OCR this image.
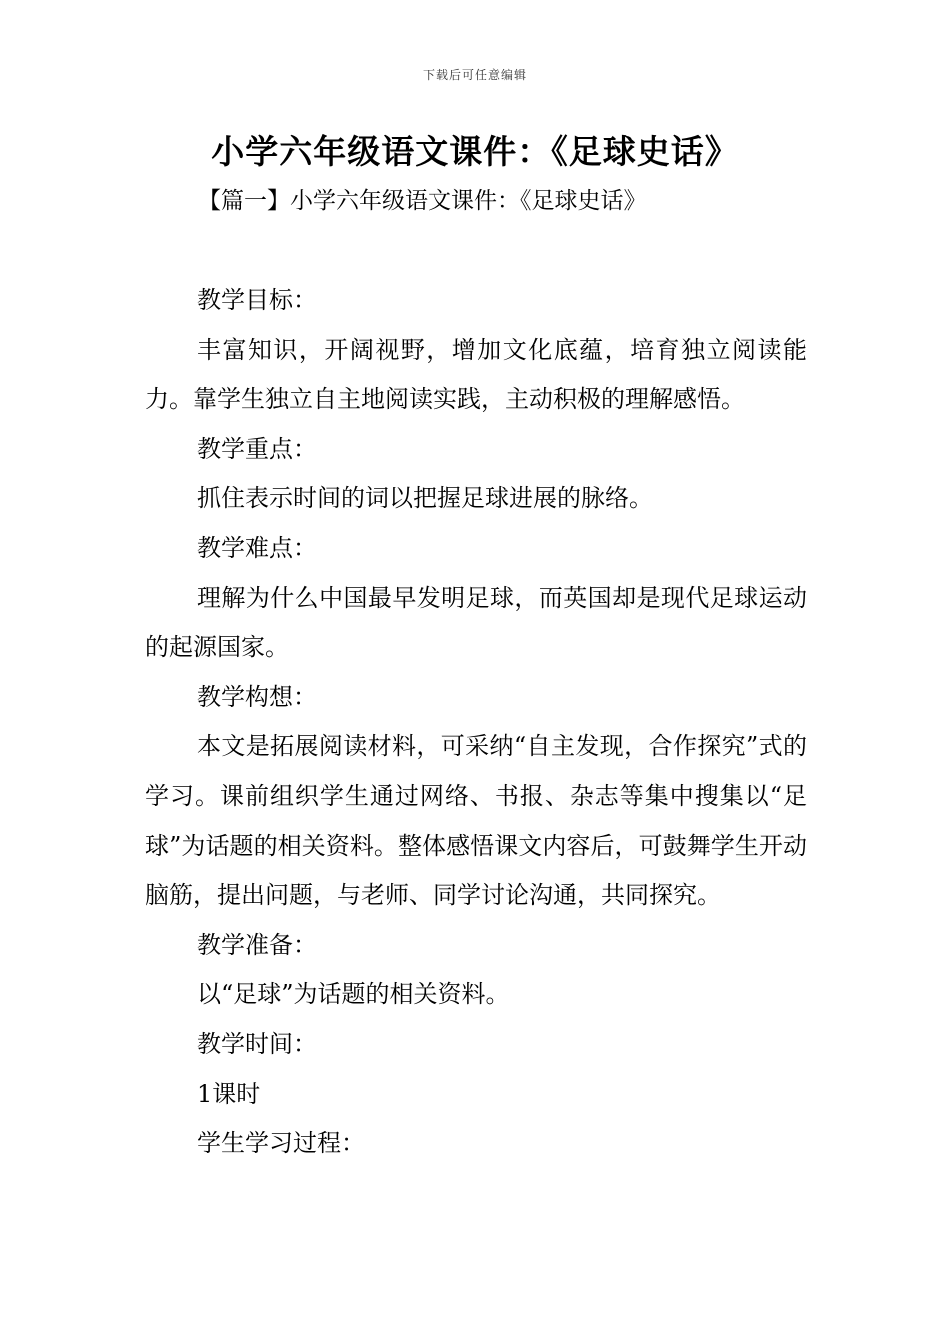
下载后可任意编辑
小学六年级语文课件：《足球史话》
【篇一】小学六年级语文课件：《足球史话》

教学目标：

丰富知识，开阔视野，增加文化底蕴，培育独立阅读能力。靠学生独立自主地阅读实践，主动积极的理解感悟。

教学重点：

抓住表示时间的词以把握足球进展的脉络。

教学难点：

理解为什么中国最早发明足球，而英国却是现代足球运动的起源国家。

教学构想：

本文是拓展阅读材料，可采纳“自主发现，合作探究”式的学习。课前组织学生通过网络、书报、杂志等集中搜集以“足球”为话题的相关资料。整体感悟课文内容后，可鼓舞学生开动脑筋，提出问题，与老师、同学讨论沟通，共同探究。

教学准备：

以“足球”为话题的相关资料。

教学时间：

1课时

学生学习过程：
